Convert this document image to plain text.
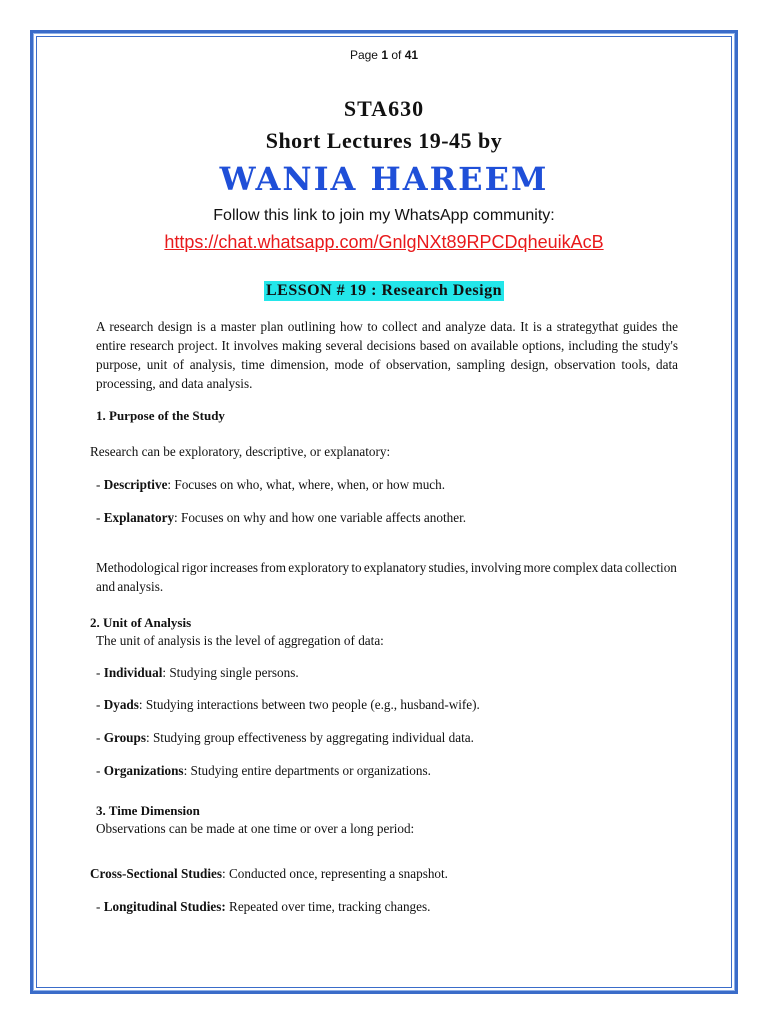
Page 1 of 41
STA630
Short Lectures 19-45 by
WANIA HAREEM
Follow this link to join my WhatsApp community:
https://chat.whatsapp.com/GnlgNXt89RPCDqheuikAcB
LESSON # 19 : Research Design

A research design is a master plan outlining how to collect and analyze data. It is a strategythat guides the entire research project. It involves making several decisions based on available options, including the study's purpose, unit of analysis, time dimension, mode of observation, sampling design, observation tools, data processing, and data analysis.

1. Purpose of the Study
Research can be exploratory, descriptive, or explanatory:
- Descriptive: Focuses on who, what, where, when, or how much.
- Explanatory: Focuses on why and how one variable affects another.

Methodological rigor increases from exploratory to explanatory studies, involving more complex data collection and analysis.

2. Unit of Analysis
The unit of analysis is the level of aggregation of data:
- Individual: Studying single persons.
- Dyads: Studying interactions between two people (e.g., husband-wife).
- Groups: Studying group effectiveness by aggregating individual data.
- Organizations: Studying entire departments or organizations.
3. Time Dimension
Observations can be made at one time or over a long period:
Cross-Sectional Studies: Conducted once, representing a snapshot.
- Longitudinal Studies: Repeated over time, tracking changes.
